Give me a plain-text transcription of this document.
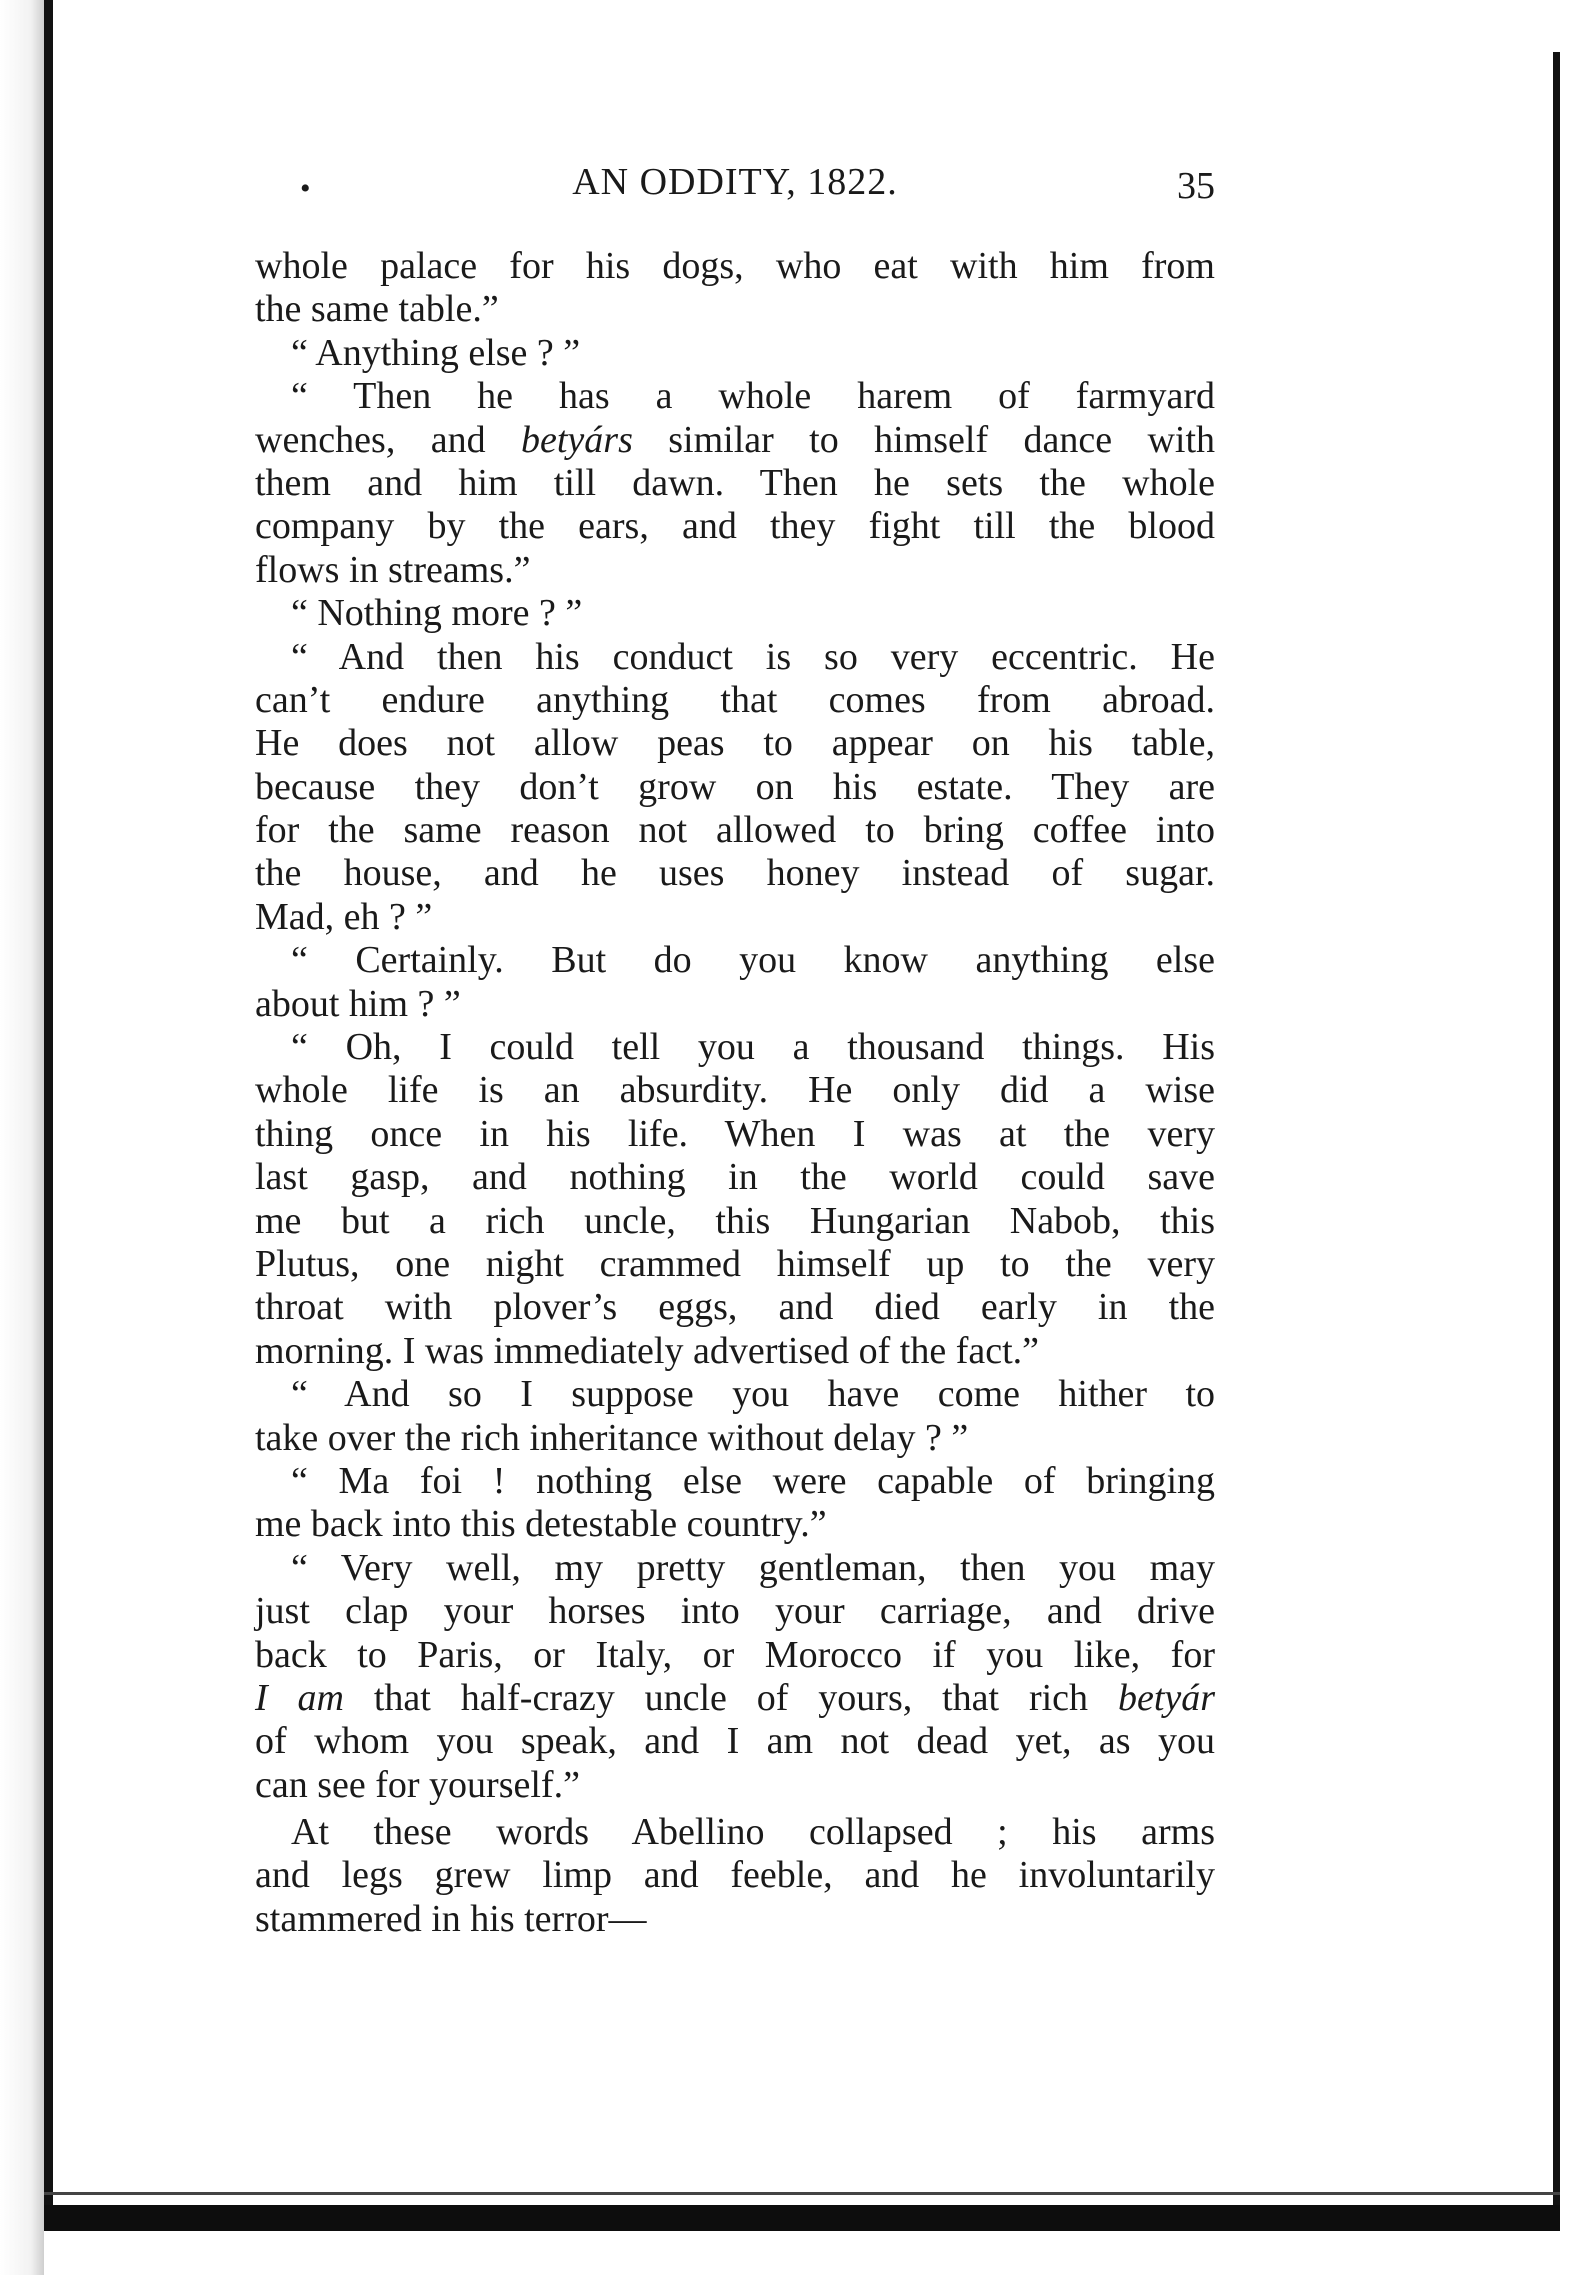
•	AN ODDITY, 1822.	35
whole palace for his dogs, who eat with him from
the same table.”
“ Anything else ? ”
“ Then he has a whole harem of farmyard
wenches, and betyárs similar to himself dance with
them and him till dawn. Then he sets the whole
company by the ears, and they fight till the blood
flows in streams.”
“ Nothing more ? ”
“ And then his conduct is so very eccentric. He
can’t endure anything that comes from abroad.
He does not allow peas to appear on his table,
because they don’t grow on his estate. They are
for the same reason not allowed to bring coffee into
the house, and he uses honey instead of sugar.
Mad, eh ? ”
“ Certainly. But do you know anything else
about him ? ”
“ Oh, I could tell you a thousand things. His
whole life is an absurdity. He only did a wise
thing once in his life. When I was at the very
last gasp, and nothing in the world could save
me but a rich uncle, this Hungarian Nabob, this
Plutus, one night crammed himself up to the very
throat with plover’s eggs, and died early in the
morning. I was immediately advertised of the fact.”
“ And so I suppose you have come hither to
take over the rich inheritance without delay ? ”
“ Ma foi ! nothing else were capable of bringing
me back into this detestable country.”
“ Very well, my pretty gentleman, then you may
just clap your horses into your carriage, and drive
back to Paris, or Italy, or Morocco if you like, for
I am that half-crazy uncle of yours, that rich betyár
of whom you speak, and I am not dead yet, as you
can see for yourself.”
At these words Abellino collapsed ; his arms
and legs grew limp and feeble, and he involuntarily
stammered in his terror—
